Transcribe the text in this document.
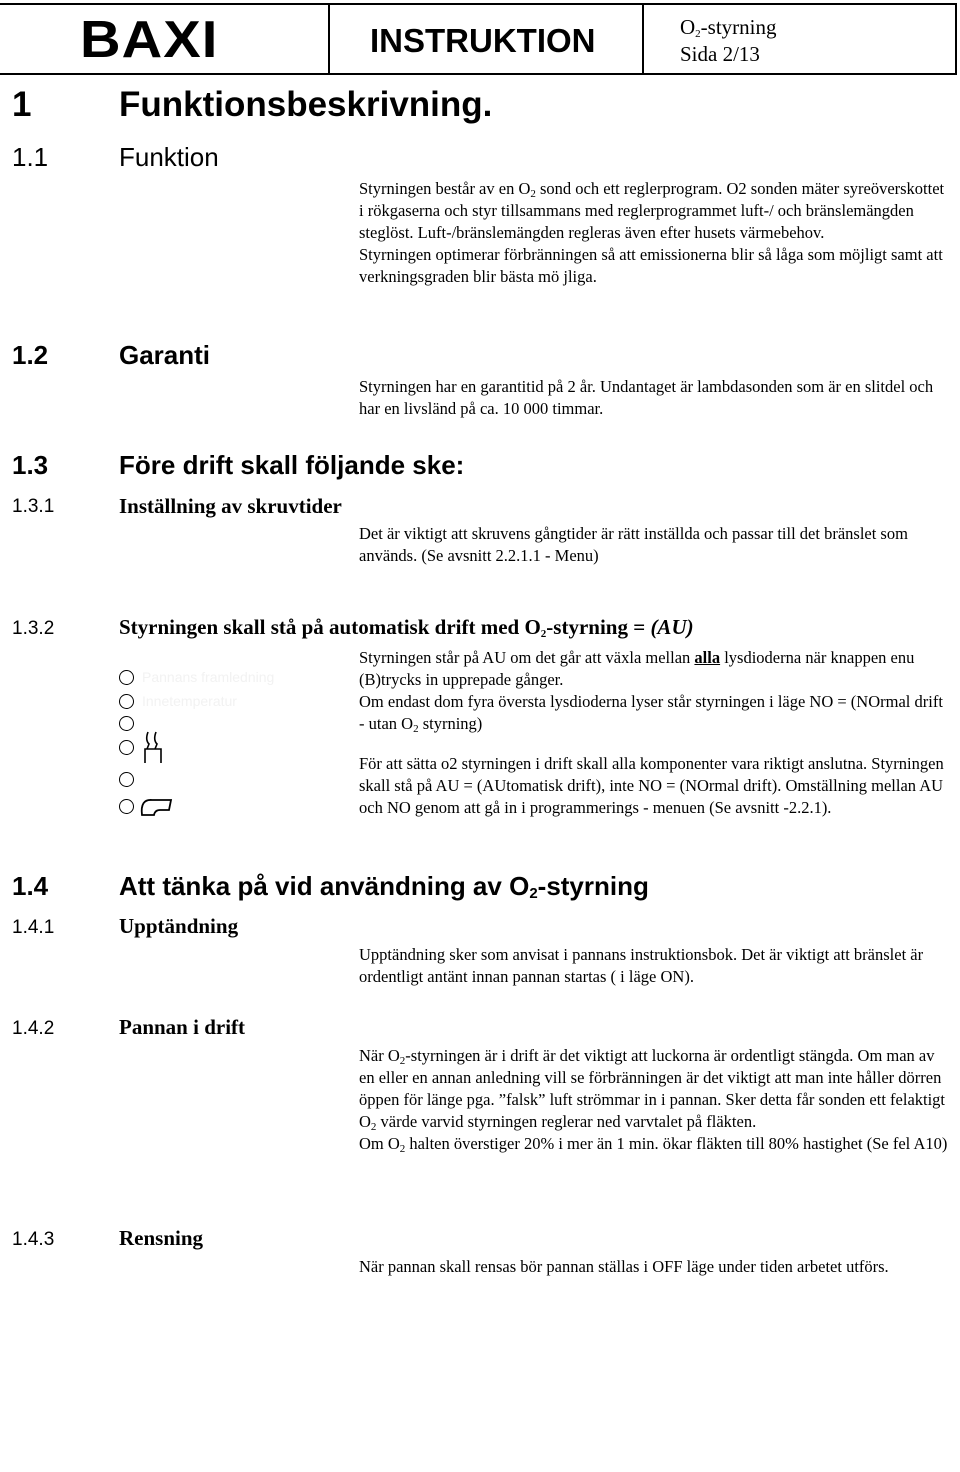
BAXI	INSTRUKTION	$O_2$-styrning
Sida 2/13
1	Funktionsbeskrivning.
1.1	Funktion

Styrningen består av en $O_2$ sond och ett reglerprogram. O2 sonden mäter syreöverskottet i rökgaserna och styr tillsammans med reglerprogrammet luft-/ och bränslemängden steglöst. Luft-/bränslemängden regleras även efter husets värmebehov.

Styrningen optimerar förbränningen så att emissionerna blir så låga som möjligt samt att verkningsgraden blir bästa mö jliga.

1.2	Garanti

Styrningen har en garantitid på 2 år. Undantaget är lambdasonden som är en slitdel och har en livsländ på ca. 10 000 timmar.

1.3	Före drift skall följande ske:
1.3.1	Inställning av skruvtider

Det är viktigt att skruvens gångtider är rätt inställda och passar till det bränslet som används. (Se avsnitt 2.2.1.1 - Menu)

1.3.2	Styrningen skall stå på automatisk drift med $O_2$-styrning = (AU)
Pannans framledning
Innetemperatur

Styrningen står på AU om det går att växla mellan alla lysdioderna när knappen enu (B)trycks in upprepade gånger.

Om endast dom fyra översta lysdioderna lyser står styrningen i läge NO = (NOrmal drift - utan $O_2$ styrning)

För att sätta o2 styrningen i drift skall alla komponenter vara riktigt anslutna. Styrningen skall stå på AU = (AUtomatisk drift), inte NO = (NOrmal drift). Omställning mellan AU och NO genom att gå in i programmerings - menuen (Se avsnitt -2.2.1).

1.4	Att tänka på vid användning av $O_2$-styrning
1.4.1	Upptändning

Upptändning sker som anvisat i pannans instruktionsbok. Det är viktigt att bränslet är ordentligt antänt innan pannan startas ( i läge ON).

1.4.2	Pannan i drift

När $O_2$-styrningen är i drift är det viktigt att luckorna är ordentligt stängda. Om man av en eller en annan anledning vill se förbränningen är det viktigt att man inte håller dörren öppen för länge pga. ”falsk” luft strömmar in i pannan. Sker detta får sonden ett felaktigt $O_2$ värde varvid styrningen reglerar ned varvtalet på fläkten.

Om $O_2$ halten överstiger 20% i mer än 1 min. ökar fläkten till 80% hastighet (Se fel A10)

1.4.3	Rensning

När pannan skall rensas bör pannan ställas i OFF läge under tiden arbetet utförs.
